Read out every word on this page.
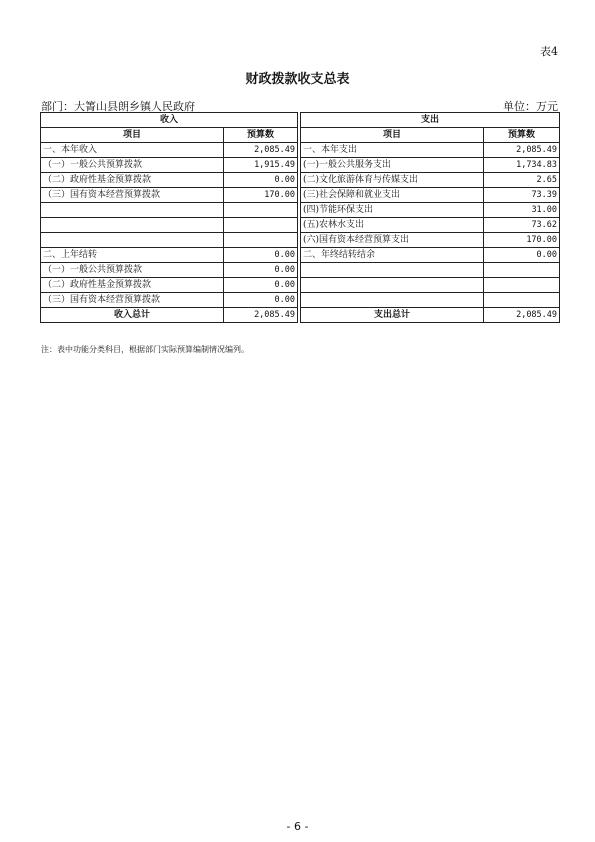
表4
财政拨款收支总表
部门：大箐山县朗乡镇人民政府	单位：万元
收入			支出	
项目	预算数		项目	预算数
一、本年收入	2,085.49		一、本年支出	2,085.49
（一）一般公共预算拨款	1,915.49		(一)一般公共服务支出	1,734.83
（二）政府性基金预算拨款	0.00		(二)文化旅游体育与传媒支出	2.65
（三）国有资本经营预算拨款	170.00		(三)社会保障和就业支出	73.39
			(四)节能环保支出	31.00
			(五)农林水支出	73.62
			(六)国有资本经营预算支出	170.00
二、上年结转	0.00		二、年终结转结余	0.00
（一）一般公共预算拨款	0.00			
（二）政府性基金预算拨款	0.00			
（三）国有资本经营预算拨款	0.00			
收入总计	2,085.49		支出总计	2,085.49
注：表中功能分类科目，根据部门实际预算编制情况编列。
- 6 -
